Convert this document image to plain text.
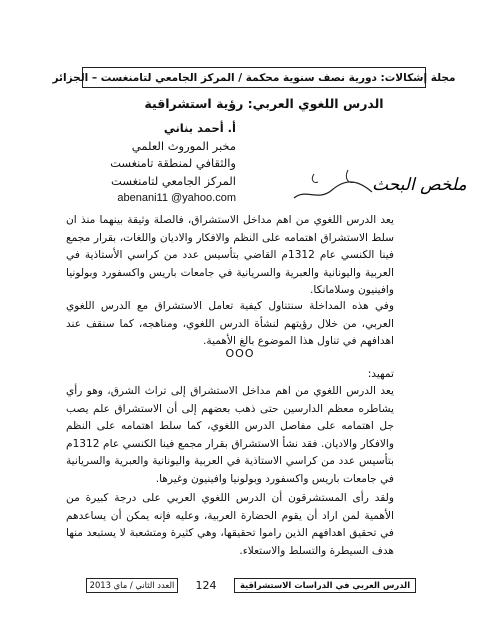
مجلة إشكالات: دورية نصف سنوية محكمة / المركز الجامعي لتامنغست – الجزائر
الدرس اللغوي العربي: رؤية استشراقية
أ. أحمد بناني
مخبر الموروث العلمي
والثقافي لمنطقة تامنغست
المركز الجامعي لتامنغست
abenani11 @yahoo.com
ملخص البحث
يعد الدرس اللغوي من اهم مداخل الاستشراق، فالصلة وثيقة بينهما منذ ان سلط الاستشراق اهتمامه على النظم والافكار والاديان واللغات، بقرار مجمع فينا الكنسي عام 1312م القاضي بتأسيس عدد من كراسي الأستاذية في العربية واليونانية والعبرية والسريانية في جامعات باريس واكسفورد وبولونيا وافينيون وسلامانكا.
وفي هذه المداخلة سنتناول كيفية تعامل الاستشراق مع الدرس اللغوي العربي، من خلال رؤيتهم لنشأة الدرس اللغوي، ومناهجه، كما سنقف عند اهدافهم في تناول هذا الموضوع بالغ الأهمية.
OOO
تمهيد:
يعد الدرس اللغوي من اهم مداخل الاستشراق إلى تراث الشرق، وهو رأي يشاطره معظم الدارسين حتى ذهب بعضهم إلى أن الاستشراق علم يصب جل اهتمامه على مفاصل الدرس اللغوي، كما سلط اهتمامه على النظم والافكار والاديان. فقد نشأ الاستشراق بقرار مجمع فينا الكنسي عام 1312م بتأسيس عدد من كراسي الاستاذية في العربية واليونانية والعبرية والسريانية في جامعات باريس واكسفورد وبولونيا وافينيون وغيرها.
ولقد رأى المستشرقون أن الدرس اللغوي العربي على درجة كبيرة من الأهمية لمن اراد أن يقوم الحضارة العربية، وعليه فإنه يمكن أن يساعدهم في تحقيق اهدافهم الذين راموا تحقيقها، وهي كثيرة ومتشعبة لا يستبعد منها هدف السيطرة والتسلط والاستعلاء.
العدد الثاني / ماي 2013	124	الدرس العربي في الدراسات الاستشراقية
